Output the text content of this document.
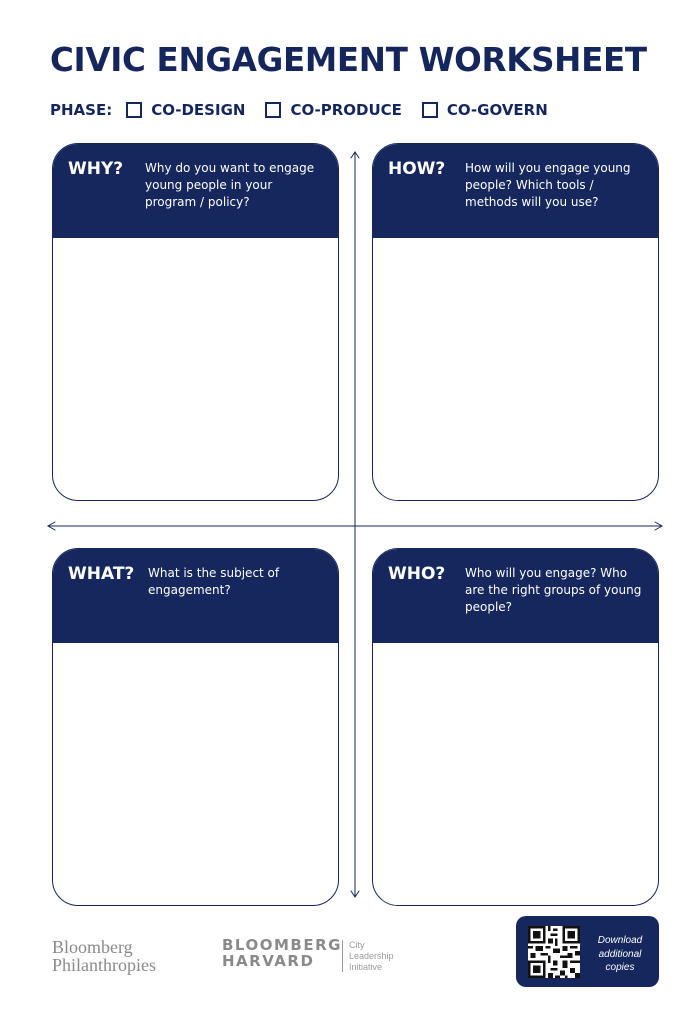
CIVIC ENGAGEMENT WORKSHEET
PHASE:	CO-DESIGN	CO-PRODUCE	CO-GOVERN
WHY? Why do you want to engage young people in your program / policy?
HOW? How will you engage young people? Which tools / methods will you use?
WHAT? What is the subject of engagement?
WHO? Who will you engage? Who are the right groups of young people?
Bloomberg
Philanthropies
BLOOMBERG
HARVARD
City
Leadership
Initiative
Download additional copies
